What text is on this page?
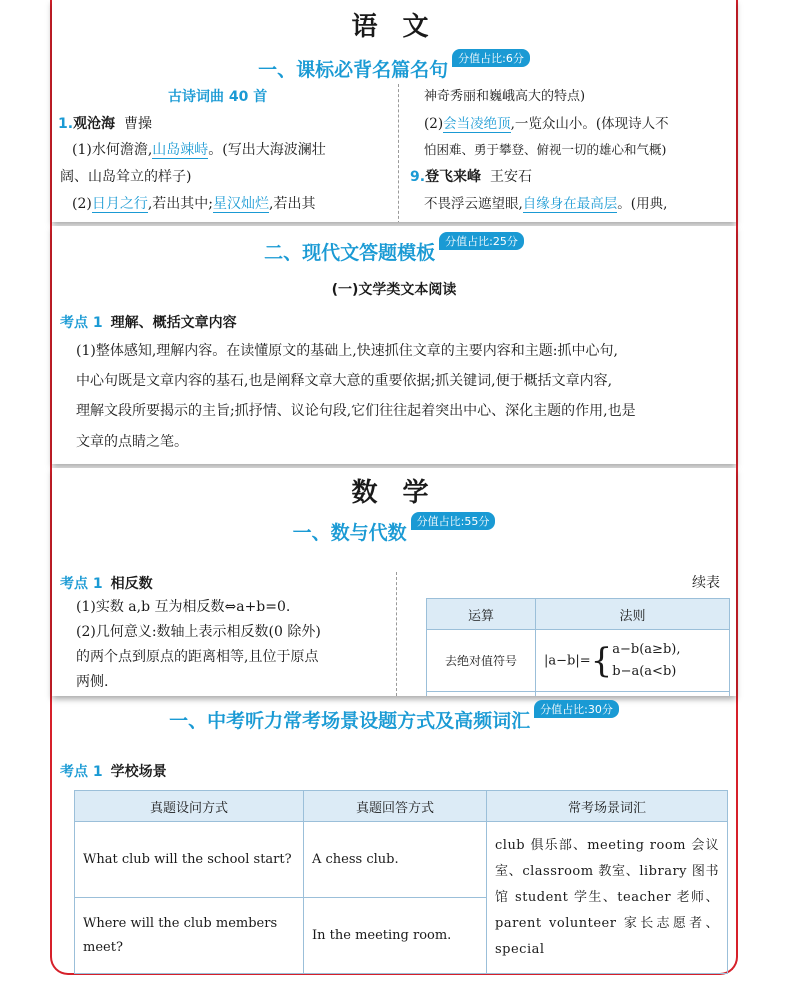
语 文
一、课标必背名篇名句分值占比:6分
古诗词曲 40 首
1.观沧海 曹操
(1)水何澹澹,山岛竦峙。(写出大海波澜壮
阔、山岛耸立的样子)
(2)日月之行,若出其中;星汉灿烂,若出其
神奇秀丽和巍峨高大的特点)
(2)会当凌绝顶,一览众山小。(体现诗人不
怕困难、勇于攀登、俯视一切的雄心和气概)
9.登飞来峰 王安石
不畏浮云遮望眼,自缘身在最高层。(用典,
二、现代文答题模板分值占比:25分
(一)文学类文本阅读
考点 1 理解、概括文章内容
(1)整体感知,理解内容。在读懂原文的基础上,快速抓住文章的主要内容和主题:抓中心句,
中心句既是文章内容的基石,也是阐释文章大意的重要依据;抓关键词,便于概括文章内容,
理解文段所要揭示的主旨;抓抒情、议论句段,它们往往起着突出中心、深化主题的作用,也是
文章的点睛之笔。
数 学
一、数与代数分值占比:55分
考点 1 相反数
(1)实数 a,b 互为相反数⇔a+b=0.
(2)几何意义:数轴上表示相反数(0 除外)
的两个点到原点的距离相等,且位于原点
两侧.
续表
运算	法则
去绝对值符号	|a−b|={a−b(a≥b),
b−a(a<b)

一、中考听力常考场景设题方式及高频词汇分值占比:30分
考点 1 学校场景
真题设问方式	真题回答方式	常考场景词汇
What club will the school start?	A chess club.	club 俱乐部、meeting room 会议室、classroom 教室、library 图书馆 student 学生、teacher 老师、parent volunteer 家长志愿者、special
Where will the club members meet?	In the meeting room.	
